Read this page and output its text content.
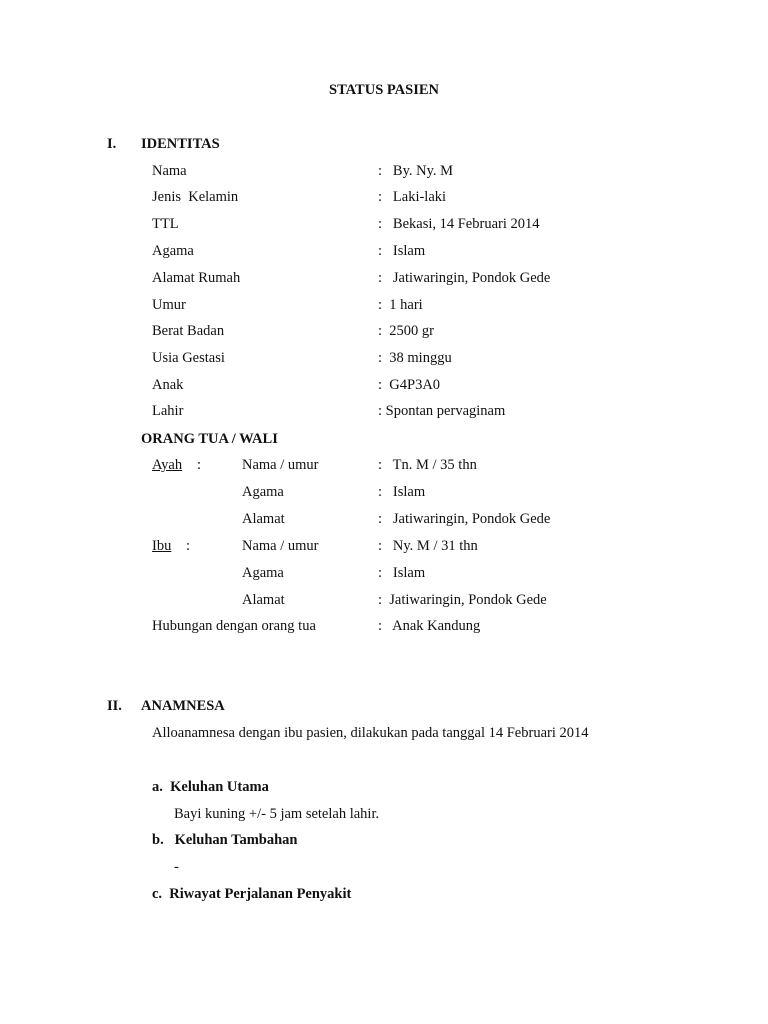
STATUS PASIEN
I. IDENTITAS
Nama	:   By. Ny. M
Jenis  Kelamin	:   Laki-laki
TTL	:   Bekasi, 14 Februari 2014
Agama	:   Islam
Alamat Rumah	:   Jatiwaringin, Pondok Gede
Umur	:  1 hari
Berat Badan	:  2500 gr
Usia Gestasi	:  38 minggu
Anak	:  G4P3A0
Lahir	: Spontan pervaginam
ORANG TUA / WALI
Ayah :	Nama / umur	:   Tn. M / 35 thn
Agama	:   Islam
Alamat	:   Jatiwaringin, Pondok Gede
Ibu :	Nama / umur	:   Ny. M / 31 thn
Agama	:   Islam
Alamat	:  Jatiwaringin, Pondok Gede
Hubungan dengan orang tua	:   Anak Kandung
II. ANAMNESA
Alloanamnesa dengan ibu pasien, dilakukan pada tanggal 14 Februari 2014
a.  Keluhan Utama
Bayi kuning +/- 5 jam setelah lahir.
b.   Keluhan Tambahan
-
c.  Riwayat Perjalanan Penyakit
